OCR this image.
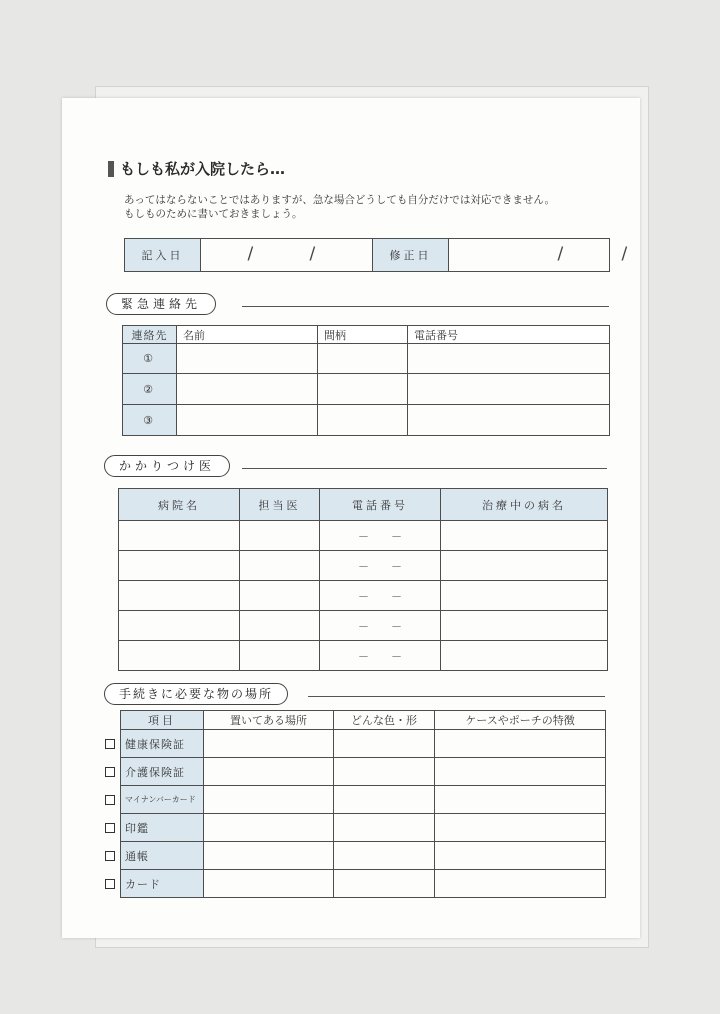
もしも私が入院したら…
あってはならないことではありますが、急な場合どうしても自分だけでは対応できません。
もしものために書いておきましょう。
記入日	/	/	修正日	/	/
緊急連絡先
連絡先	名前	間柄	電話番号
①			
②			
③			
かかりつけ医
病院名	担当医	電話番号	治療中の病名
		－　　－	
		－　　－	
		－　　－	
		－　　－	
		－　　－	
手続きに必要な物の場所
項目	置いてある場所	どんな色・形	ケースやポーチの特徴
健康保険証			
介護保険証			
マイナンバーカード			
印鑑			
通帳			
カード			
